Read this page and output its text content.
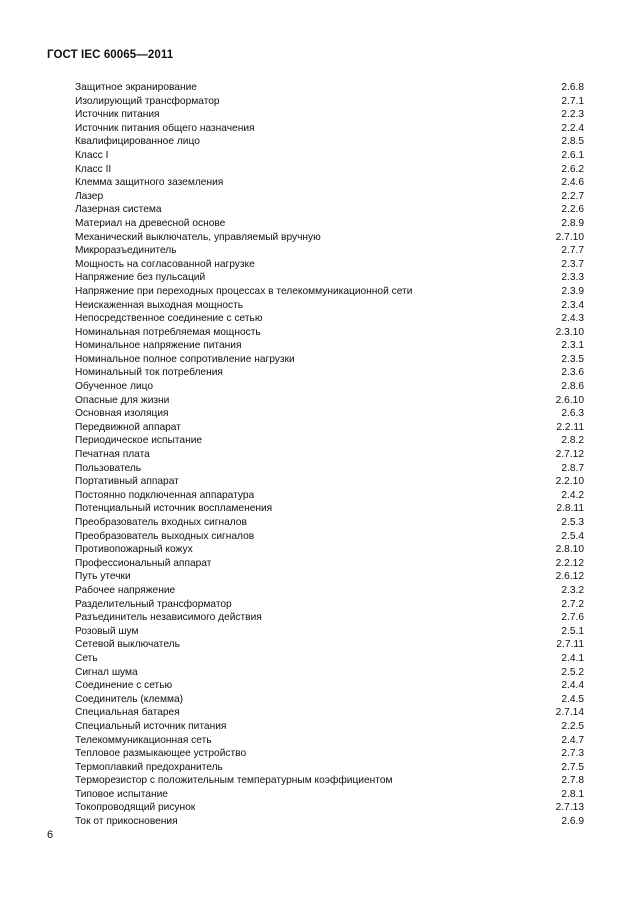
ГОСТ IEC 60065—2011
Защитное экранирование	2.6.8
Изолирующий трансформатор	2.7.1
Источник питания	2.2.3
Источник питания общего назначения	2.2.4
Квалифицированное лицо	2.8.5
Класс I	2.6.1
Класс II	2.6.2
Клемма защитного заземления	2.4.6
Лазер	2.2.7
Лазерная система	2.2.6
Материал на древесной основе	2.8.9
Механический выключатель, управляемый вручную	2.7.10
Микроразъединитель	2.7.7
Мощность на согласованной нагрузке	2.3.7
Напряжение без пульсаций	2.3.3
Напряжение при переходных процессах в телекоммуникационной сети	2.3.9
Неискаженная выходная мощность	2.3.4
Непосредственное соединение с сетью	2.4.3
Номинальная потребляемая мощность	2.3.10
Номинальное напряжение питания	2.3.1
Номинальное полное сопротивление нагрузки	2.3.5
Номинальный ток потребления	2.3.6
Обученное лицо	2.8.6
Опасные для жизни	2.6.10
Основная изоляция	2.6.3
Передвижной аппарат	2.2.11
Периодическое испытание	2.8.2
Печатная плата	2.7.12
Пользователь	2.8.7
Портативный аппарат	2.2.10
Постоянно подключенная аппаратура	2.4.2
Потенциальный источник воспламенения	2.8.11
Преобразователь входных сигналов	2.5.3
Преобразователь выходных сигналов	2.5.4
Противопожарный кожух	2.8.10
Профессиональный аппарат	2.2.12
Путь утечки	2.6.12
Рабочее напряжение	2.3.2
Разделительный трансформатор	2.7.2
Разъединитель независимого действия	2.7.6
Розовый шум	2.5.1
Сетевой выключатель	2.7.11
Сеть	2.4.1
Сигнал шума	2.5.2
Соединение с сетью	2.4.4
Соединитель (клемма)	2.4.5
Специальная батарея	2.7.14
Специальный источник питания	2.2.5
Телекоммуникационная сеть	2.4.7
Тепловое размыкающее устройство	2.7.3
Термоплавкий предохранитель	2.7.5
Терморезистор с положительным температурным коэффициентом	2.7.8
Типовое испытание	2.8.1
Токопроводящий рисунок	2.7.13
Ток от прикосновения	2.6.9
6
